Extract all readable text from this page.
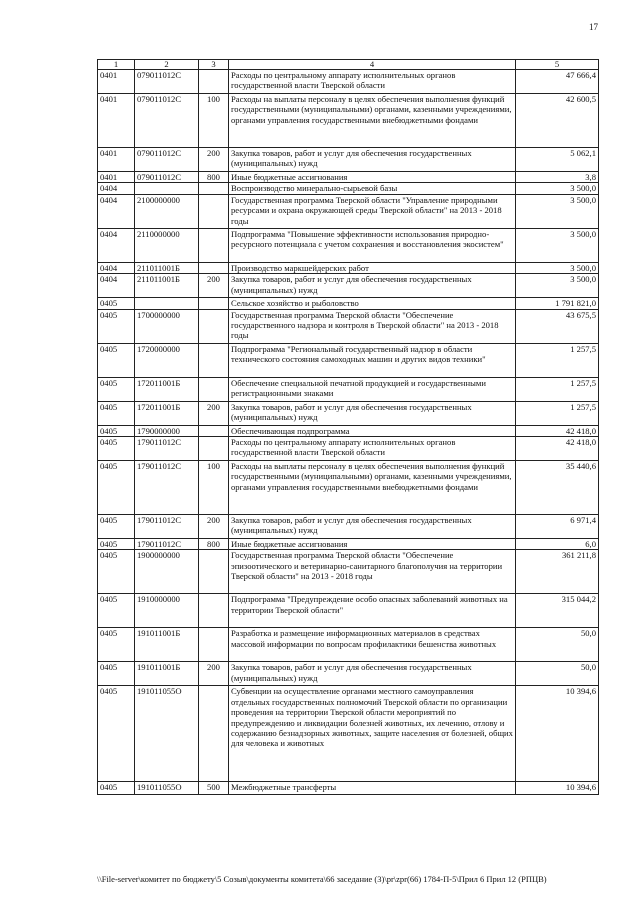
17
1	2	3	4	5
0401	079011012С		Расходы по центральному аппарату исполнительных органов государственной власти Тверской области	47 666,4
0401	079011012С	100	Расходы на выплаты персоналу в целях обеспечения выполнения функций государственными (муниципальными) органами, казенными учреждениями, органами управления государственными внебюджетными фондами	42 600,5
0401	079011012С	200	Закупка товаров, работ и услуг для обеспечения государственных (муниципальных) нужд	5 062,1
0401	079011012С	800	Иные бюджетные ассигнования	3,8
0404			Воспроизводство минерально-сырьевой базы	3 500,0
0404	2100000000		Государственная программа Тверской области "Управление природными ресурсами и охрана окружающей среды Тверской области" на 2013 - 2018 годы	3 500,0
0404	2110000000		Подпрограмма "Повышение эффективности использования природно-ресурсного потенциала с учетом сохранения и восстановления экосистем"	3 500,0
0404	211011001Б		Производство маркшейдерских работ	3 500,0
0404	211011001Б	200	Закупка товаров, работ и услуг для обеспечения государственных (муниципальных) нужд	3 500,0
0405			Сельское хозяйство и рыболовство	1 791 821,0
0405	1700000000		Государственная программа Тверской области "Обеспечение государственного надзора и контроля в Тверской области" на 2013 - 2018 годы	43 675,5
0405	1720000000		Подпрограмма "Региональный государственный надзор в области технического состояния самоходных машин и других видов техники"	1 257,5
0405	172011001Б		Обеспечение специальной печатной продукцией и государственными регистрационными знаками	1 257,5
0405	172011001Б	200	Закупка товаров, работ и услуг для обеспечения государственных (муниципальных) нужд	1 257,5
0405	1790000000		Обеспечивающая подпрограмма	42 418,0
0405	179011012С		Расходы по центральному аппарату исполнительных органов государственной власти Тверской области	42 418,0
0405	179011012С	100	Расходы на выплаты персоналу в целях обеспечения выполнения функций государственными (муниципальными) органами, казенными учреждениями, органами управления государственными внебюджетными фондами	35 440,6
0405	179011012С	200	Закупка товаров, работ и услуг для обеспечения государственных (муниципальных) нужд	6 971,4
0405	179011012С	800	Иные бюджетные ассигнования	6,0
0405	1900000000		Государственная программа Тверской области "Обеспечение эпизоотического и ветеринарно-санитарного благополучия на территории Тверской области" на 2013 - 2018 годы	361 211,8
0405	1910000000		Подпрограмма "Предупреждение особо опасных заболеваний животных на территории Тверской области"	315 044,2
0405	191011001Б		Разработка и размещение информационных материалов в средствах массовой информации по вопросам профилактики бешенства животных	50,0
0405	191011001Б	200	Закупка товаров, работ и услуг для обеспечения государственных (муниципальных) нужд	50,0
0405	191011055О		Субвенции на осуществление органами местного самоуправления отдельных государственных полномочий Тверской области по организации проведения на территории Тверской области мероприятий по предупреждению и ликвидации болезней животных, их лечению, отлову и содержанию безнадзорных животных, защите населения от болезней, общих для человека и животных	10 394,6
0405	191011055О	500	Межбюджетные трансферты	10 394,6
\\File-server\комитет по бюджету\5 Созыв\документы комитета\66 заседание (3)\pr\zpr(66) 1784-П-5\Прил 6 Прил 12 (РПЦВ)
